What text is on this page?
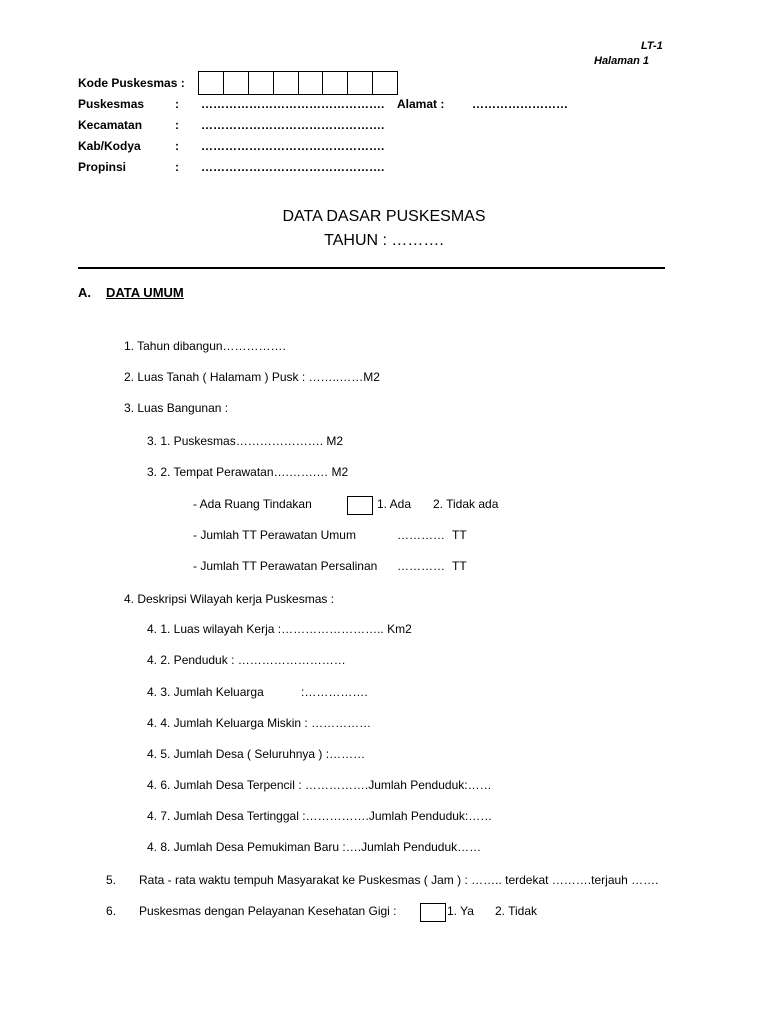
LT-1
Halaman 1
Kode Puskesmas :
Puskesmas	: ………………………………………. Alamat : ……………………
Kecamatan	: ……………………………………….
Kab/Kodya	: ……………………………………….
Propinsi	: ……………………………………….
DATA DASAR PUSKESMAS
TAHUN : ……….
A. DATA UMUM
1. Tahun dibangun…………….
2. Luas Tanah ( Halamam ) Pusk : ……..……M2
3. Luas Bangunan :
3. 1. Puskesmas…………………. M2
3. 2. Tempat Perawatan….…….… M2
- Ada Ruang Tindakan	1. Ada 2. Tidak ada
- Jumlah TT Perawatan Umum	………… TT
- Jumlah TT Perawatan Persalinan ………… TT
4. Deskripsi Wilayah kerja Puskesmas :
4. 1. Luas wilayah Kerja :…………………….. Km2
4. 2. Penduduk : ………………………
4. 3. Jumlah Keluarga	:…………….
4. 4. Jumlah Keluarga Miskin : ……………
4. 5. Jumlah Desa ( Seluruhnya ) :………
4. 6. Jumlah Desa Terpencil : …………….Jumlah Penduduk:……
4. 7. Jumlah Desa Tertinggal :…………….Jumlah Penduduk:……
4. 8. Jumlah Desa Pemukiman Baru :….Jumlah Penduduk……
5. Rata - rata waktu tempuh Masyarakat ke Puskesmas ( Jam ) : …….. terdekat ……….terjauh …….
6. Puskesmas dengan Pelayanan Kesehatan Gigi :	1. Ya 2. Tidak
